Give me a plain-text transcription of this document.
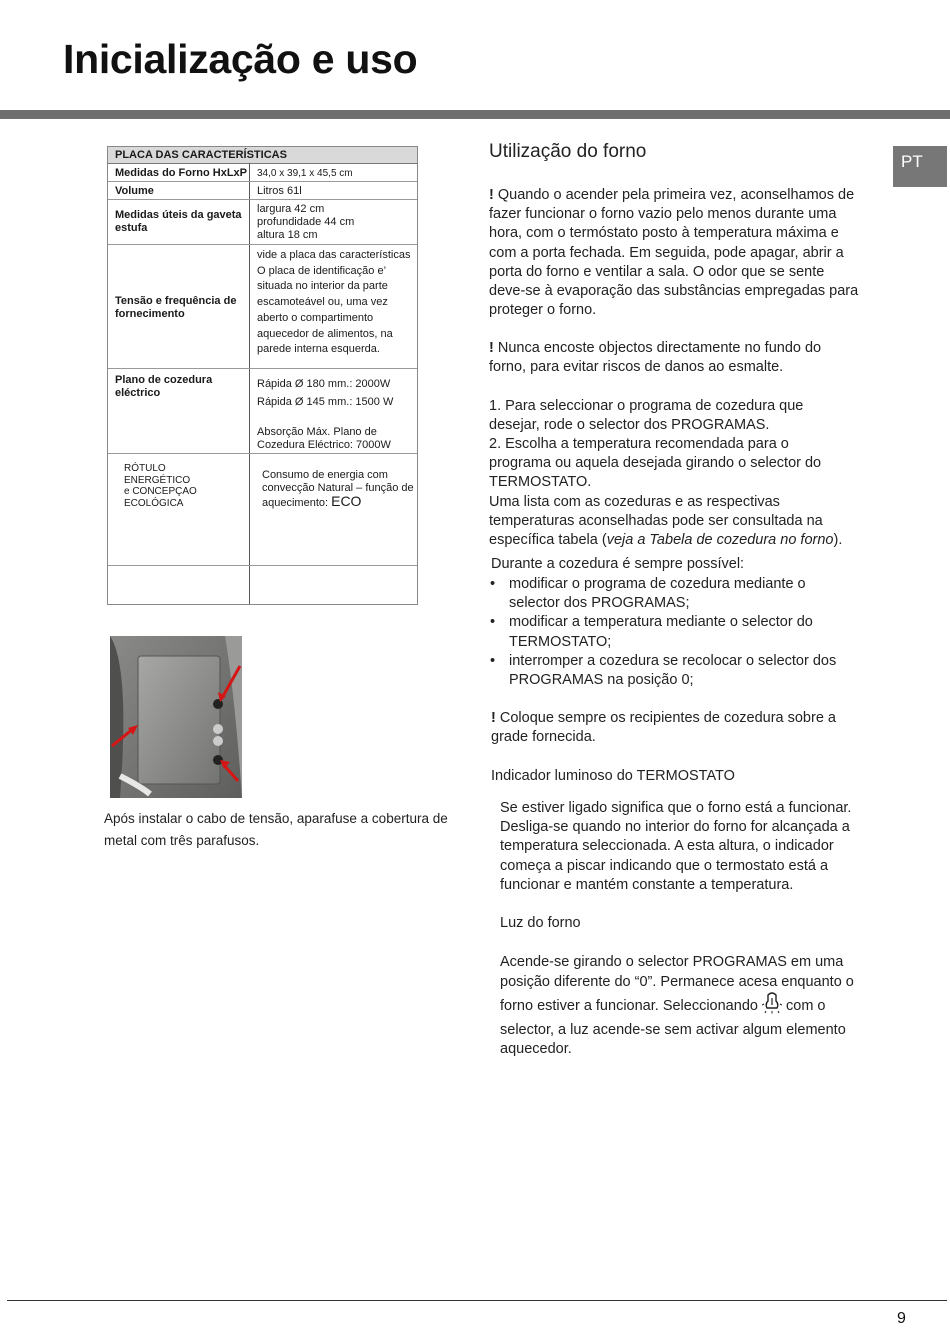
Inicialização e uso
PT
PLACA DAS CARACTERÍSTICAS
Medidas do Forno HxLxP 34,0 x 39,1 x 45,5 cm
Volume	Litros 61l
Medidas úteis da gaveta estufa
largura 42 cm
profundidade 44 cm
altura 18 cm
Tensão e frequência de fornecimento
vide a placa das características O placa de identificação e’ situada no interior da parte escamoteável ou, uma vez aberto o compartimento aquecedor de alimentos, na parede interna esquerda.
Plano de cozedura eléctrico
Rápida Ø 180 mm.: 2000W
Rápida Ø 145 mm.: 1500 W
Absorção Máx. Plano de Cozedura Eléctrico: 7000W
RÓTULO
ENERGÉTICO
e CONCEPÇAO
ECOLÓGICA
Consumo de energia com convecção Natural – função de aquecimento: ECO
Após instalar o cabo de tensão, aparafuse a cobertura de metal com três parafusos.
Utilização do forno
! Quando o acender pela primeira vez, aconselhamos de fazer funcionar o forno vazio pelo menos durante uma hora, com o termóstato posto à temperatura máxima e com a porta fechada. Em seguida, pode apagar, abrir a porta do forno e ventilar a sala. O odor que se sente deve-se à evaporação das substâncias empregadas para proteger o forno.
! Nunca encoste objectos directamente no fundo do forno, para evitar riscos de danos ao esmalte.
1. Para seleccionar o programa de cozedura que desejar, rode o selector dos PROGRAMAS.
2. Escolha a temperatura recomendada para o programa ou aquela desejada girando o selector do TERMOSTATO.
Uma lista com as cozeduras e as respectivas temperaturas aconselhadas pode ser consultada na específica tabela (veja a Tabela de cozedura no forno).
Durante a cozedura é sempre possível:
• modificar o programa de cozedura mediante o selector dos PROGRAMAS;
• modificar a temperatura mediante o selector do TERMOSTATO;
• interromper a cozedura se recolocar o selector dos PROGRAMAS na posição 0;
! Coloque sempre os recipientes de cozedura sobre a grade fornecida.
Indicador luminoso do TERMOSTATO
Se estiver ligado significa que o forno está a funcionar. Desliga-se quando no interior do forno for alcançada a temperatura seleccionada. A esta altura, o indicador começa a piscar indicando que o termostato está a funcionar e mantém constante a temperatura.
Luz do forno
Acende-se girando o selector PROGRAMAS em uma posição diferente do “0”. Permanece acesa enquanto o forno estiver a funcionar. Seleccionando com o selector, a luz acende-se sem activar algum elemento aquecedor.
9
